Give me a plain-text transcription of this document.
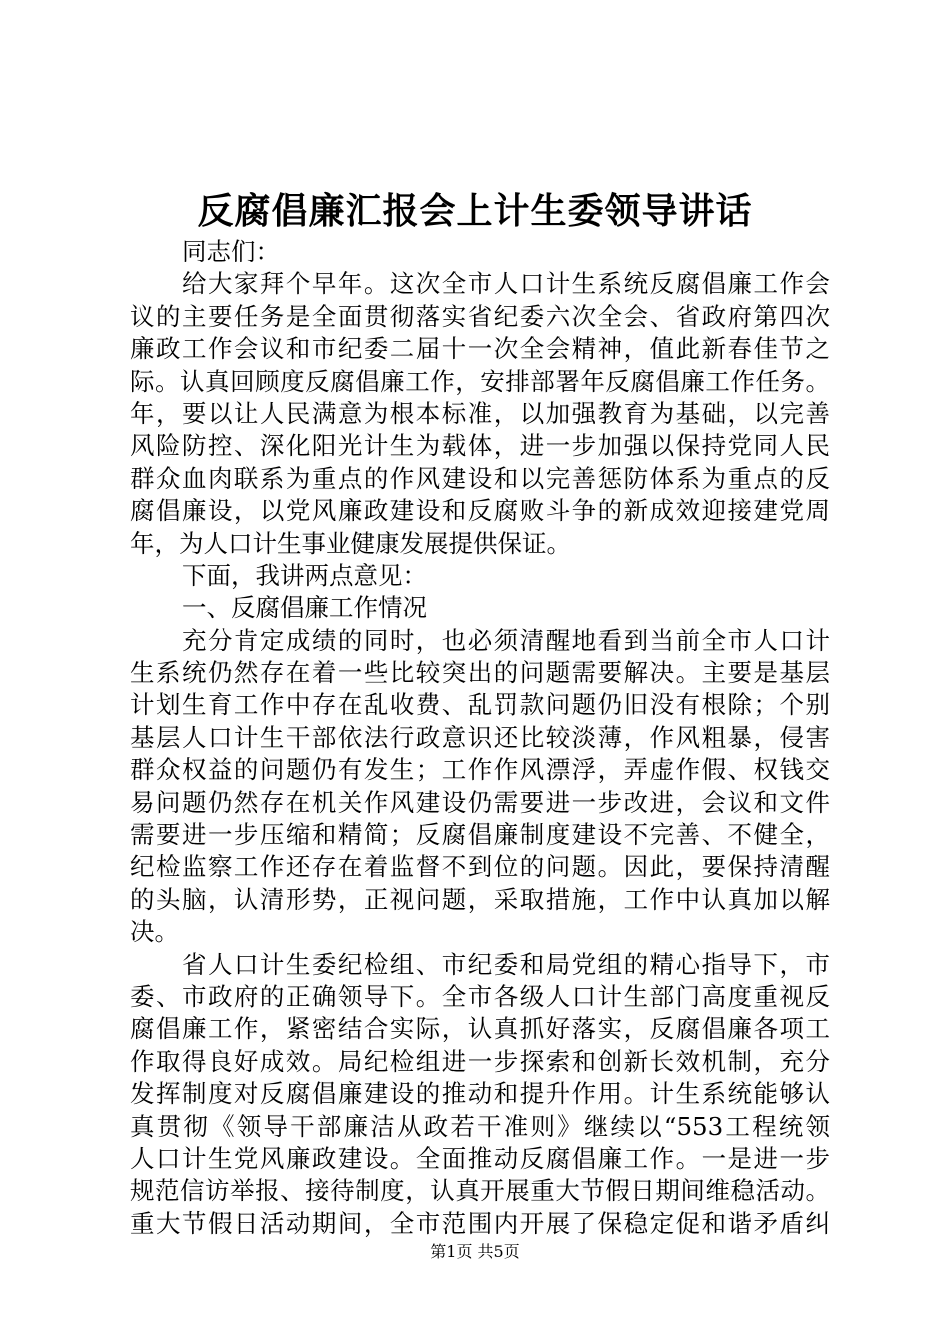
反腐倡廉汇报会上计生委领导讲话
同志们：
给大家拜个早年。这次全市人口计生系统反腐倡廉工作会
议的主要任务是全面贯彻落实省纪委六次全会、省政府第四次
廉政工作会议和市纪委二届十一次全会精神，值此新春佳节之
际。认真回顾度反腐倡廉工作，安排部署年反腐倡廉工作任务。
年，要以让人民满意为根本标准，以加强教育为基础，以完善
风险防控、深化阳光计生为载体，进一步加强以保持党同人民
群众血肉联系为重点的作风建设和以完善惩防体系为重点的反
腐倡廉设，以党风廉政建设和反腐败斗争的新成效迎接建党周
年，为人口计生事业健康发展提供保证。
下面，我讲两点意见：
一、反腐倡廉工作情况
充分肯定成绩的同时，也必须清醒地看到当前全市人口计
生系统仍然存在着一些比较突出的问题需要解决。主要是基层
计划生育工作中存在乱收费、乱罚款问题仍旧没有根除；个别
基层人口计生干部依法行政意识还比较淡薄，作风粗暴，侵害
群众权益的问题仍有发生；工作作风漂浮，弄虚作假、权钱交
易问题仍然存在机关作风建设仍需要进一步改进，会议和文件
需要进一步压缩和精简；反腐倡廉制度建设不完善、不健全，
纪检监察工作还存在着监督不到位的问题。因此，要保持清醒
的头脑，认清形势，正视问题，采取措施，工作中认真加以解
决。
省人口计生委纪检组、市纪委和局党组的精心指导下，市
委、市政府的正确领导下。全市各级人口计生部门高度重视反
腐倡廉工作，紧密结合实际，认真抓好落实，反腐倡廉各项工
作取得良好成效。局纪检组进一步探索和创新长效机制，充分
发挥制度对反腐倡廉建设的推动和提升作用。计生系统能够认
真贯彻《领导干部廉洁从政若干准则》继续以“553工程统领
人口计生党风廉政建设。全面推动反腐倡廉工作。一是进一步
规范信访举报、接待制度，认真开展重大节假日期间维稳活动。
重大节假日活动期间，全市范围内开展了保稳定促和谐矛盾纠
第1页 共5页
